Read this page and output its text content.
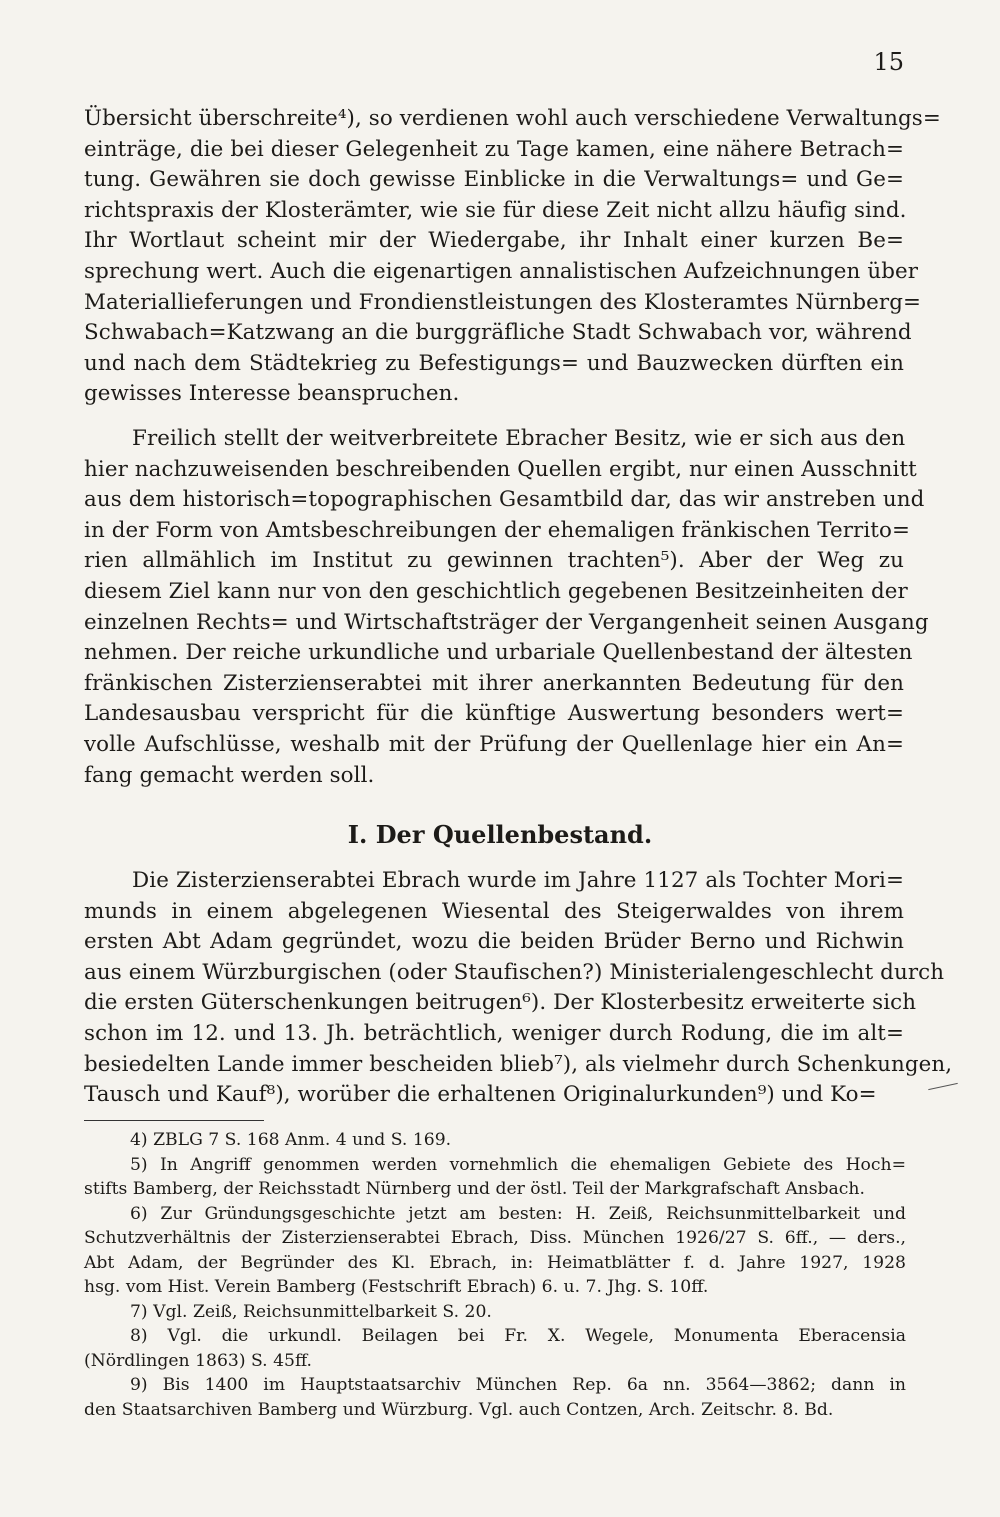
15
Übersicht überschreite⁴), so verdienen wohl auch verschiedene Verwaltungs=
einträge, die bei dieser Gelegenheit zu Tage kamen, eine nähere Betrach=
tung. Gewähren sie doch gewisse Einblicke in die Verwaltungs= und Ge=
richtspraxis der Klosterämter, wie sie für diese Zeit nicht allzu häufig sind.
Ihr Wortlaut scheint mir der Wiedergabe, ihr Inhalt einer kurzen Be=
sprechung wert. Auch die eigenartigen annalistischen Aufzeichnungen über
Materiallieferungen und Frondienstleistungen des Klosteramtes Nürnberg=
Schwabach=Katzwang an die burggräfliche Stadt Schwabach vor, während
und nach dem Städtekrieg zu Befestigungs= und Bauzwecken dürften ein
gewisses Interesse beanspruchen.
Freilich stellt der weitverbreitete Ebracher Besitz, wie er sich aus den
hier nachzuweisenden beschreibenden Quellen ergibt, nur einen Ausschnitt
aus dem historisch=topographischen Gesamtbild dar, das wir anstreben und
in der Form von Amtsbeschreibungen der ehemaligen fränkischen Territo=
rien allmählich im Institut zu gewinnen trachten⁵). Aber der Weg zu
diesem Ziel kann nur von den geschichtlich gegebenen Besitzeinheiten der
einzelnen Rechts= und Wirtschaftsträger der Vergangenheit seinen Ausgang
nehmen. Der reiche urkundliche und urbariale Quellenbestand der ältesten
fränkischen Zisterzienserabtei mit ihrer anerkannten Bedeutung für den
Landesausbau verspricht für die künftige Auswertung besonders wert=
volle Aufschlüsse, weshalb mit der Prüfung der Quellenlage hier ein An=
fang gemacht werden soll.
I. Der Quellenbestand.
Die Zisterzienserabtei Ebrach wurde im Jahre 1127 als Tochter Mori=
munds in einem abgelegenen Wiesental des Steigerwaldes von ihrem
ersten Abt Adam gegründet, wozu die beiden Brüder Berno und Richwin
aus einem Würzburgischen (oder Staufischen?) Ministerialengeschlecht durch
die ersten Güterschenkungen beitrugen⁶). Der Klosterbesitz erweiterte sich
schon im 12. und 13. Jh. beträchtlich, weniger durch Rodung, die im alt=
besiedelten Lande immer bescheiden blieb⁷), als vielmehr durch Schenkungen,
Tausch und Kauf⁸), worüber die erhaltenen Originalurkunden⁹) und Ko=
4) ZBLG 7 S. 168 Anm. 4 und S. 169.
5) In Angriff genommen werden vornehmlich die ehemaligen Gebiete des Hoch=
stifts Bamberg, der Reichsstadt Nürnberg und der östl. Teil der Markgrafschaft Ansbach.
6) Zur Gründungsgeschichte jetzt am besten: H. Zeiß, Reichsunmittelbarkeit und
Schutzverhältnis der Zisterzienserabtei Ebrach, Diss. München 1926/27 S. 6ff., — ders.,
Abt Adam, der Begründer des Kl. Ebrach, in: Heimatblätter f. d. Jahre 1927, 1928
hsg. vom Hist. Verein Bamberg (Festschrift Ebrach) 6. u. 7. Jhg. S. 10ff.
7) Vgl. Zeiß, Reichsunmittelbarkeit S. 20.
8) Vgl. die urkundl. Beilagen bei Fr. X. Wegele, Monumenta Eberacensia
(Nördlingen 1863) S. 45ff.
9) Bis 1400 im Hauptstaatsarchiv München Rep. 6a nn. 3564—3862; dann in
den Staatsarchiven Bamberg und Würzburg. Vgl. auch Contzen, Arch. Zeitschr. 8. Bd.
